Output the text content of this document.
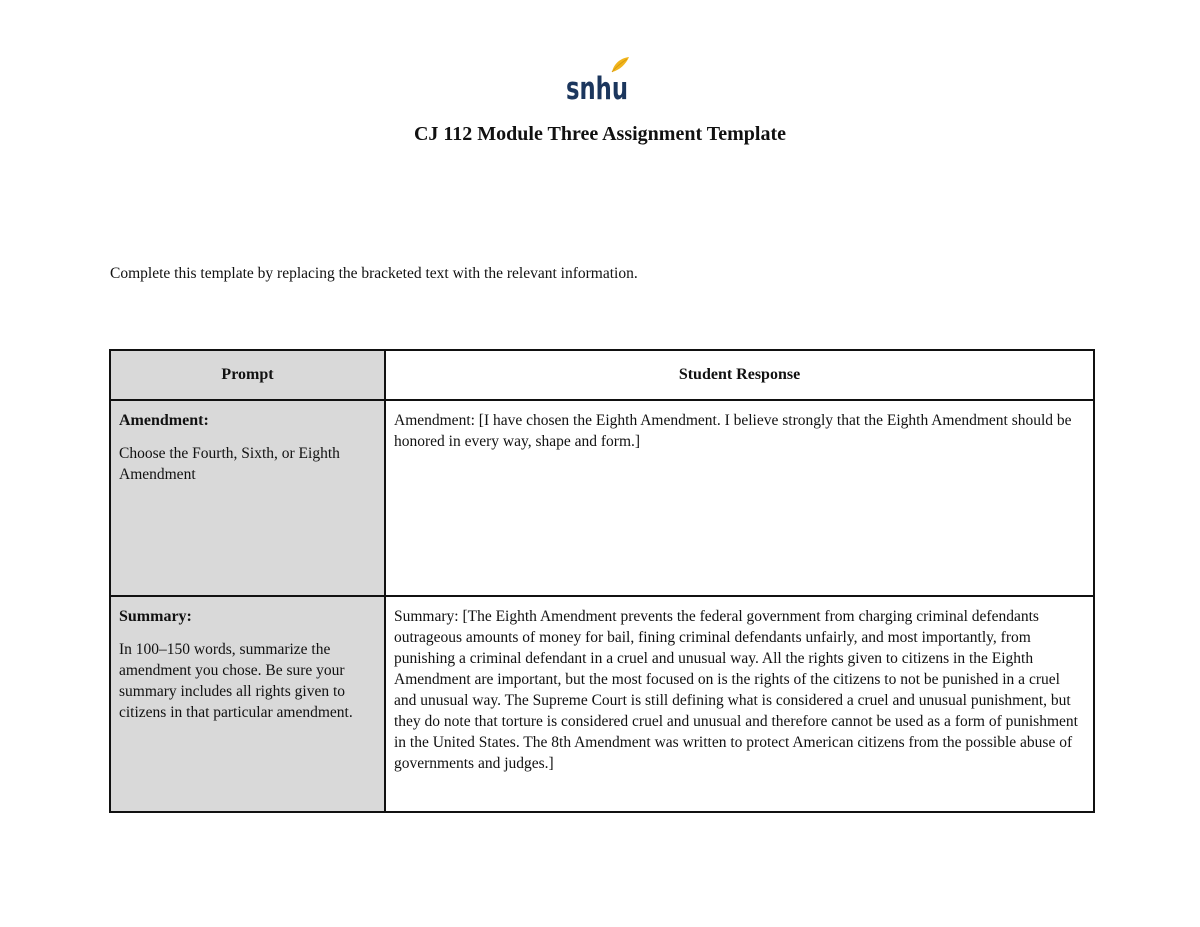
snhu
CJ 112 Module Three Assignment Template

Complete this template by replacing the bracketed text with the relevant information.

Prompt	Student Response

Amendment:

Choose the Fourth, Sixth, or Eighth Amendment	Amendment: [I have chosen the Eighth Amendment. I believe strongly that the Eighth Amendment should be honored in every way, shape and form.]

Summary:

In 100–150 words, summarize the amendment you chose. Be sure your summary includes all rights given to citizens in that particular amendment.	Summary: [The Eighth Amendment prevents the federal government from charging criminal defendants outrageous amounts of money for bail, fining criminal defendants unfairly, and most importantly, from punishing a criminal defendant in a cruel and unusual way. All the rights given to citizens in the Eighth Amendment are important, but the most focused on is the rights of the citizens to not be punished in a cruel and unusual way. The Supreme Court is still defining what is considered a cruel and unusual punishment, but they do note that torture is considered cruel and unusual and therefore cannot be used as a form of punishment in the United States. The 8th Amendment was written to protect American citizens from the possible abuse of governments and judges.]
